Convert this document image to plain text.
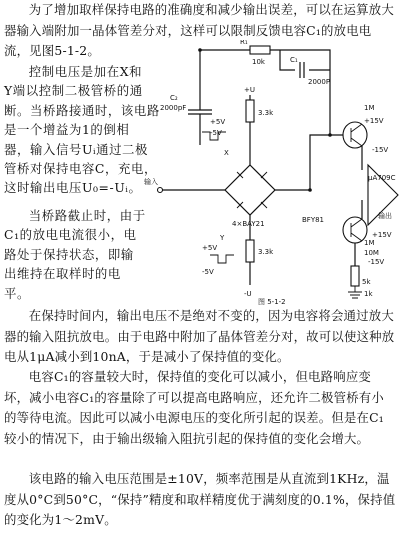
为了增加取样保持电路的准确度和减少输出误差，可以在运算放大器输入端附加一晶体管差分对，这样可以限制反馈电容C₁的放电电流，见图5-1-2。

控制电压是加在X和
Y端以控制二极管桥的通
断。当桥路接通时，该电路
是一个增益为1的倒相
器，输入信号Uᵢ通过二极
管桥对保持电容C，充电，
这时输出电压U₀=-Uᵢ。
当桥路截止时，由于
C₁的放电电流很小，电
路处于保持状态，即输
出维持在取样时的电
平。
10k
R₁
C₁
2000P
C₂
2000pF
+5V
-5V
X
3.3k
+U
4×BAY21
输入
+5V
-5V
Y
3.3k
-U
BFY81
5k
μA709C
输出
1M
+15V
-15V
1M
+15V
10M
-15V
1k
图 5-1-2

在保持时间内，输出电压不是绝对不变的，因为电容将会通过放大器的输入阻抗放电。由于电路中附加了晶体管差分对，故可以使这种放电从1μA减小到10nA，于是减小了保持值的变化。

电容C₁的容量较大时，保持值的变化可以减小，但电路响应变坏，减小电容C₁的容量除了可以提高电路响应，还允许二极管桥有小的等待电流。因此可以减小电源电压的变化所引起的误差。但是在C₁较小的情况下，由于输出级输入阻抗引起的保持值的变化会增大。

该电路的输入电压范围是±10V，频率范围是从直流到1KHz，温度从0°C到50°C，“保持”精度和取样精度优于满刻度的0.1%，保持值的变化为1～2mV。
